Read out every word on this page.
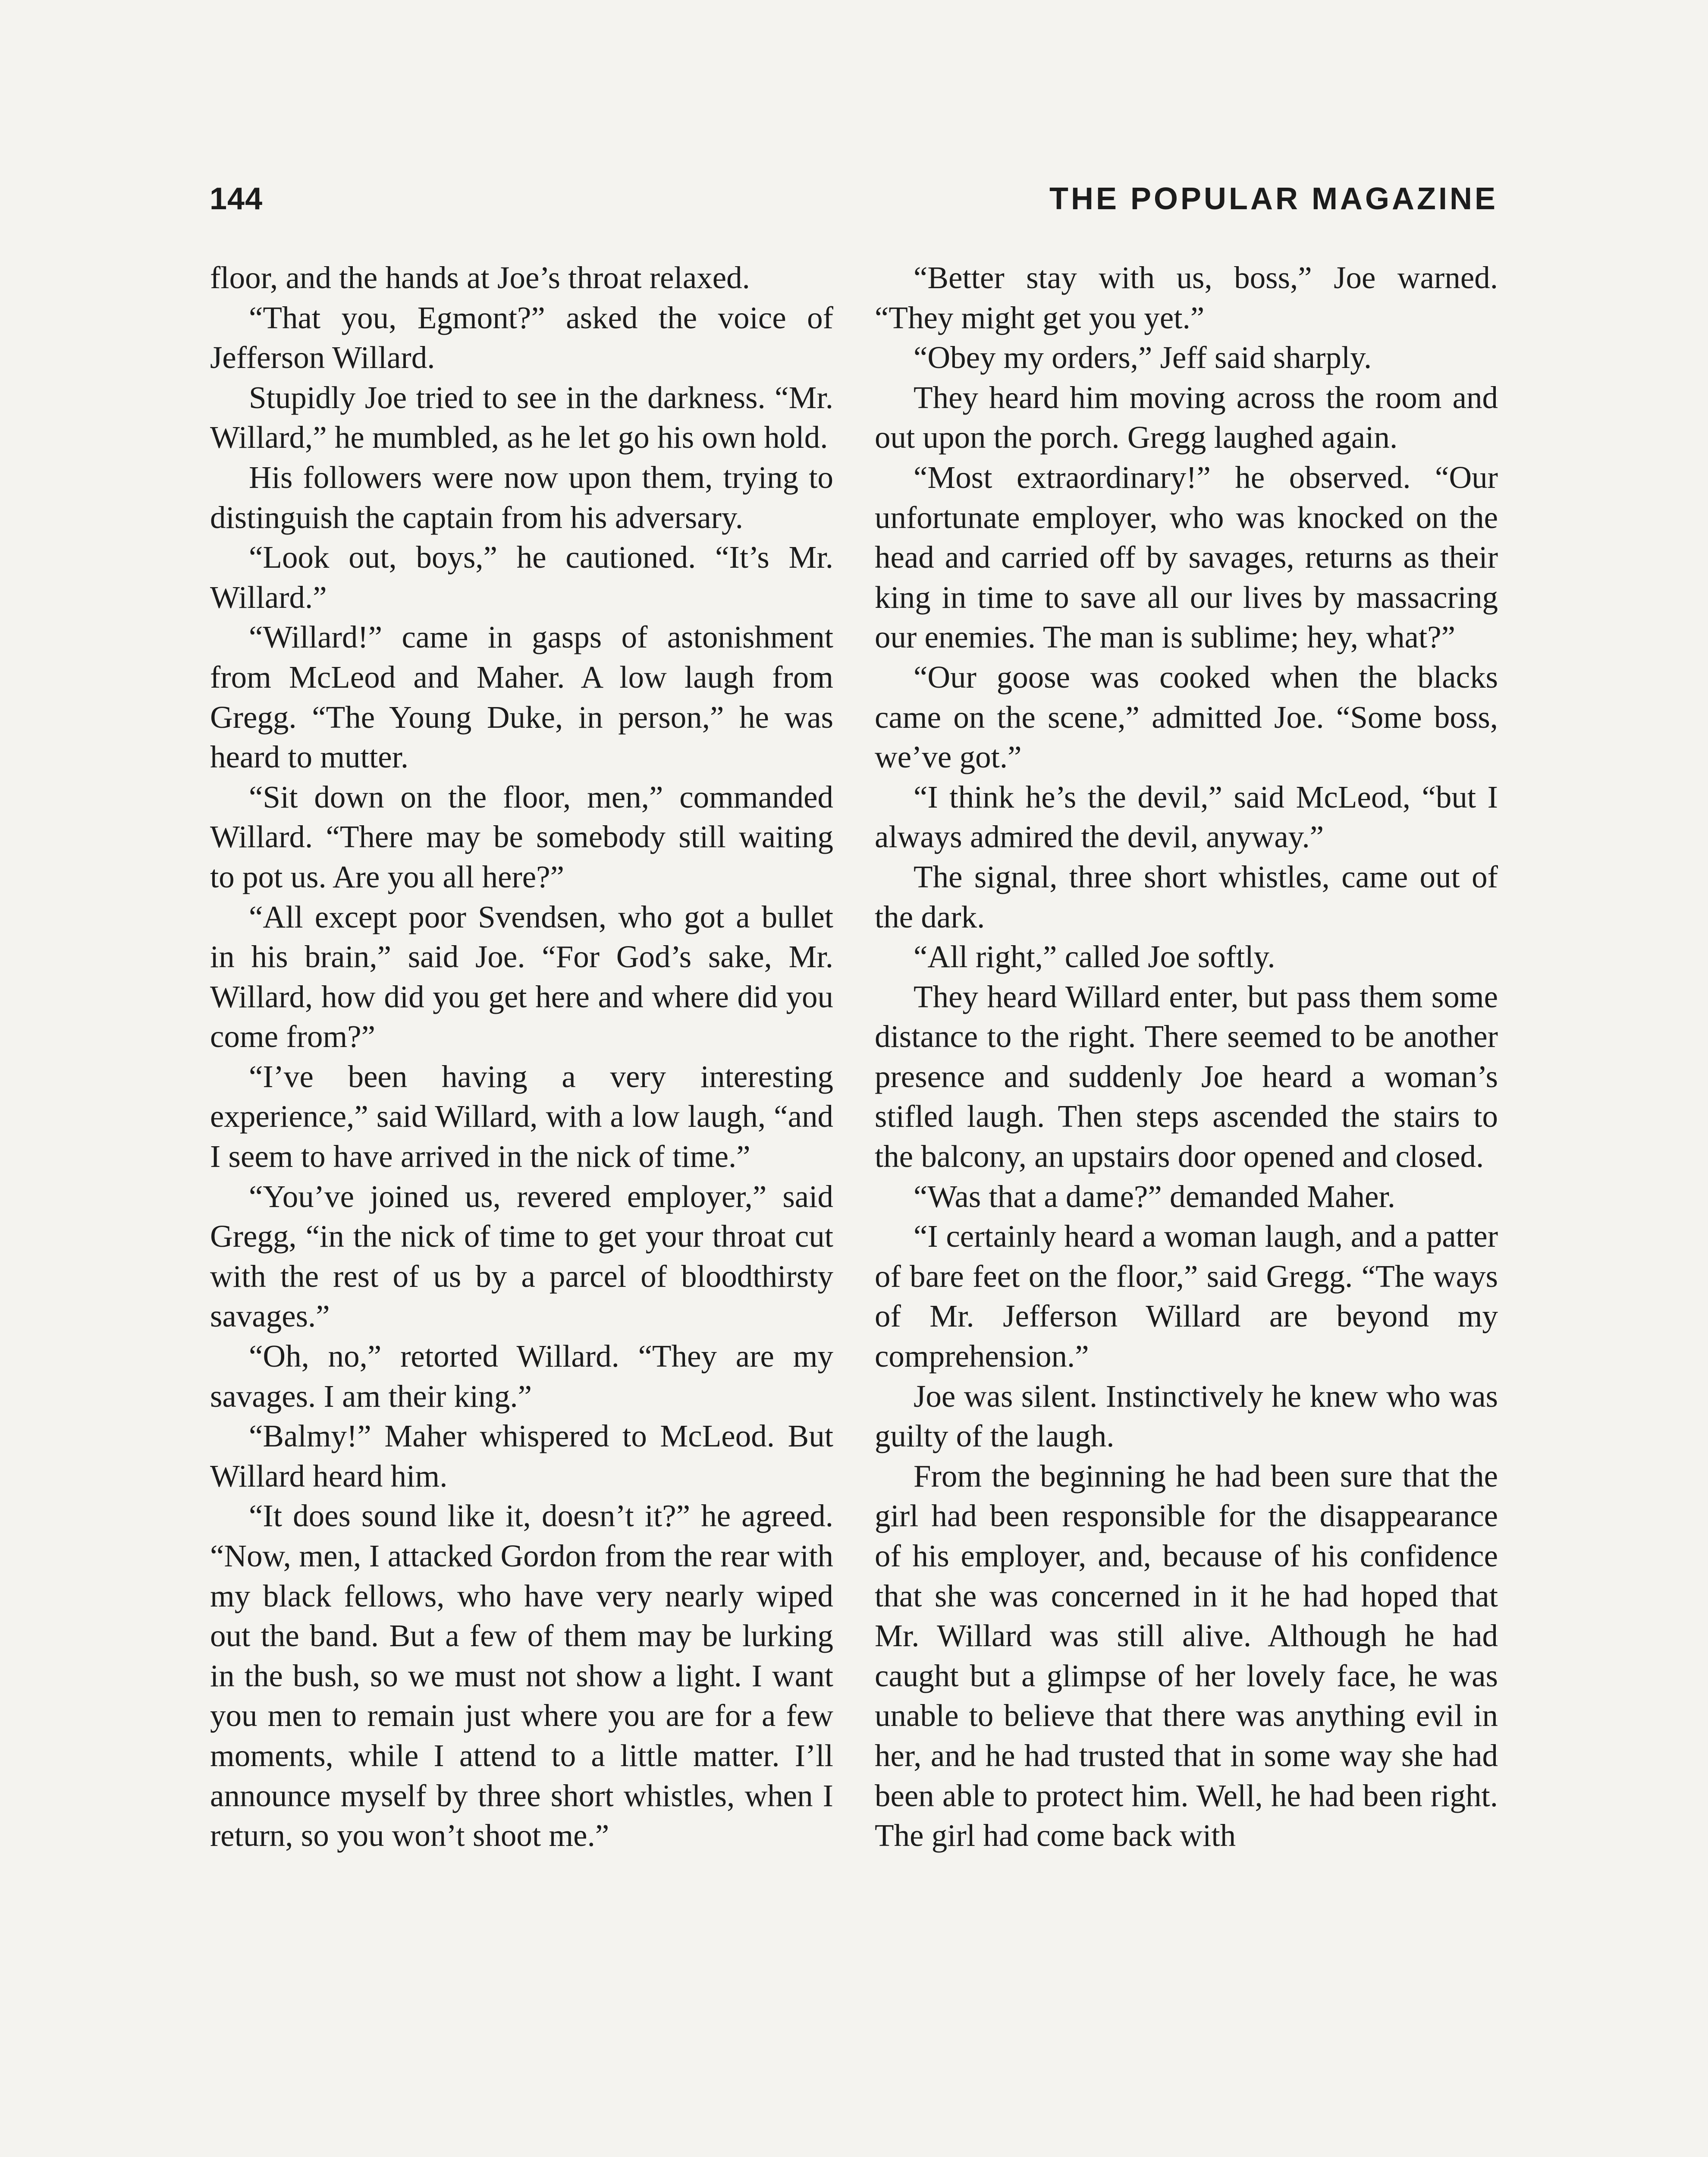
144	THE POPULAR MAGAZINE

floor, and the hands at Joe’s throat relaxed.

“That you, Egmont?” asked the voice of Jefferson Willard.

Stupidly Joe tried to see in the darkness. “Mr. Willard,” he mumbled, as he let go his own hold.

His followers were now upon them, trying to distinguish the captain from his adversary.

“Look out, boys,” he cautioned. “It’s Mr. Willard.”

“Willard!” came in gasps of astonishment from McLeod and Maher. A low laugh from Gregg. “The Young Duke, in person,” he was heard to mutter.

“Sit down on the floor, men,” commanded Willard. “There may be somebody still waiting to pot us. Are you all here?”

“All except poor Svendsen, who got a bullet in his brain,” said Joe. “For God’s sake, Mr. Willard, how did you get here and where did you come from?”

“I’ve been having a very interesting experience,” said Willard, with a low laugh, “and I seem to have arrived in the nick of time.”

“You’ve joined us, revered employer,” said Gregg, “in the nick of time to get your throat cut with the rest of us by a parcel of bloodthirsty savages.”

“Oh, no,” retorted Willard. “They are my savages. I am their king.”

“Balmy!” Maher whispered to McLeod. But Willard heard him.

“It does sound like it, doesn’t it?” he agreed. “Now, men, I attacked Gordon from the rear with my black fellows, who have very nearly wiped out the band. But a few of them may be lurking in the bush, so we must not show a light. I want you men to remain just where you are for a few moments, while I attend to a little matter. I’ll announce myself by three short whistles, when I return, so you won’t shoot me.”

“Better stay with us, boss,” Joe warned. “They might get you yet.”

“Obey my orders,” Jeff said sharply.

They heard him moving across the room and out upon the porch. Gregg laughed again.

“Most extraordinary!” he observed. “Our unfortunate employer, who was knocked on the head and carried off by savages, returns as their king in time to save all our lives by massacring our enemies. The man is sublime; hey, what?”

“Our goose was cooked when the blacks came on the scene,” admitted Joe. “Some boss, we’ve got.”

“I think he’s the devil,” said McLeod, “but I always admired the devil, anyway.”

The signal, three short whistles, came out of the dark.

“All right,” called Joe softly.

They heard Willard enter, but pass them some distance to the right. There seemed to be another presence and suddenly Joe heard a woman’s stifled laugh. Then steps ascended the stairs to the balcony, an upstairs door opened and closed.

“Was that a dame?” demanded Maher.

“I certainly heard a woman laugh, and a patter of bare feet on the floor,” said Gregg. “The ways of Mr. Jefferson Willard are beyond my comprehension.”

Joe was silent. Instinctively he knew who was guilty of the laugh.

From the beginning he had been sure that the girl had been responsible for the disappearance of his employer, and, because of his confidence that she was concerned in it he had hoped that Mr. Willard was still alive. Although he had caught but a glimpse of her lovely face, he was unable to believe that there was anything evil in her, and he had trusted that in some way she had been able to protect him. Well, he had been right. The girl had come back with
